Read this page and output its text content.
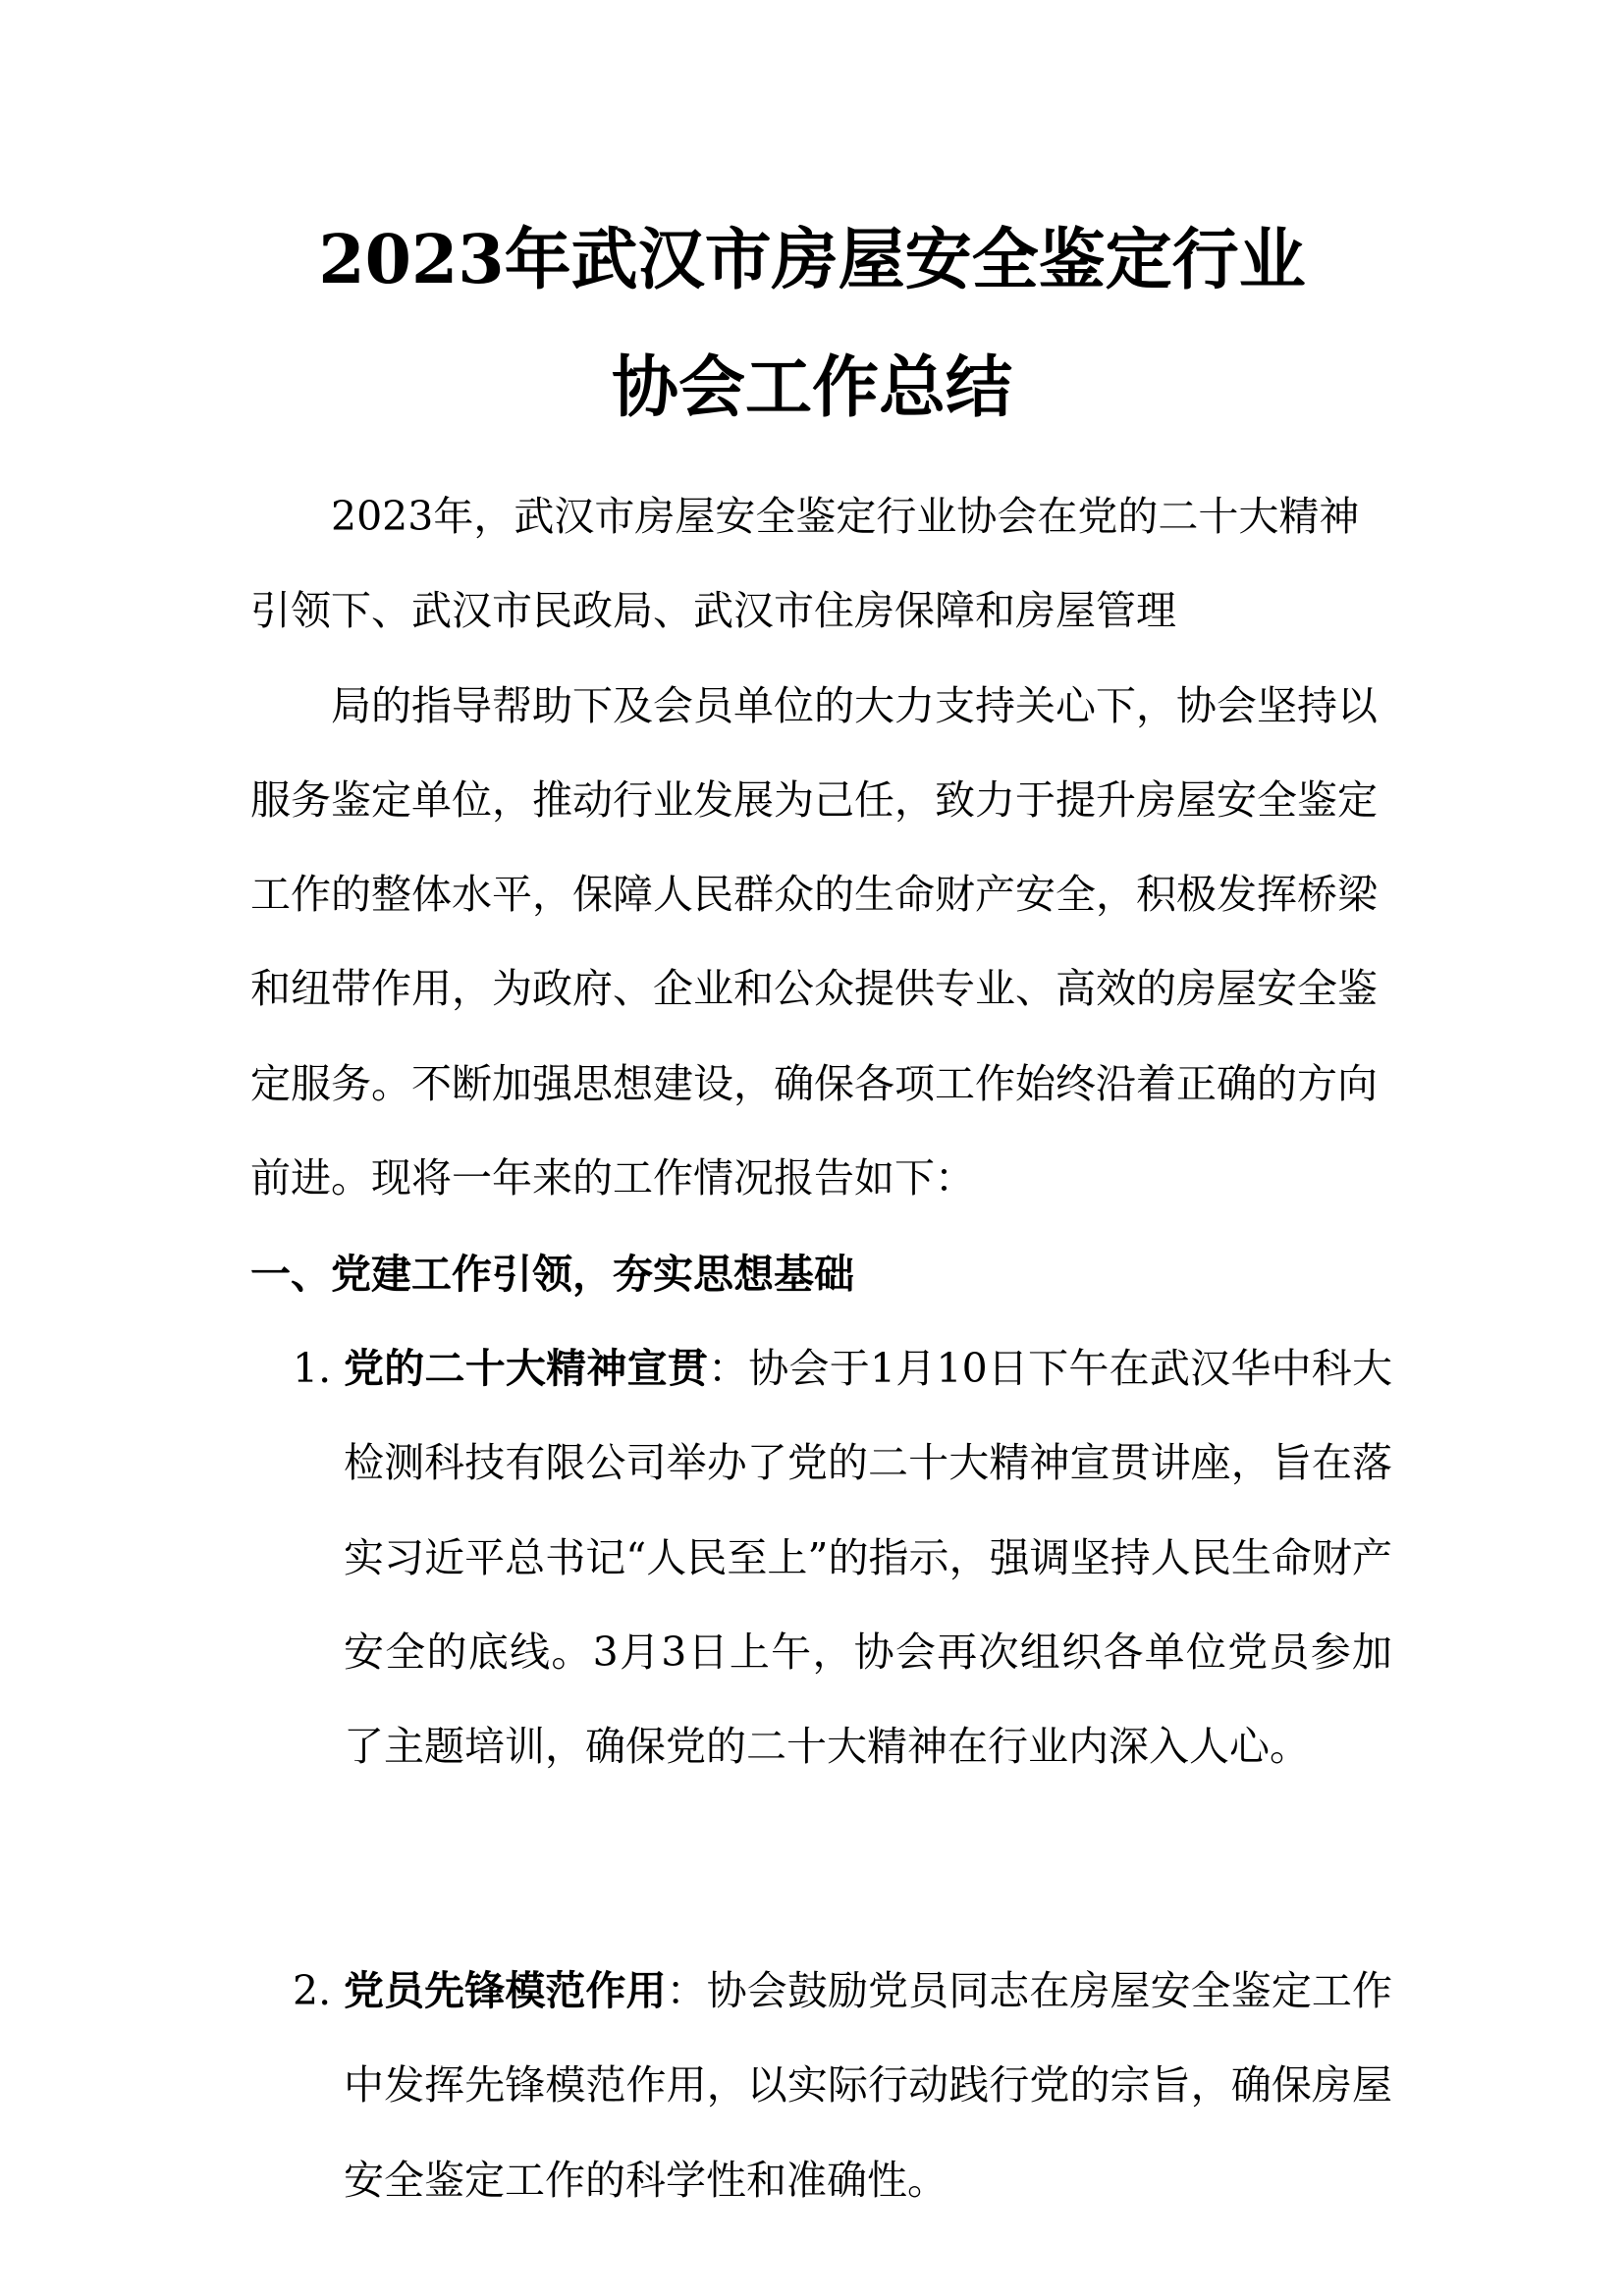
2023年武汉市房屋安全鉴定行业
协会工作总结

2023年，武汉市房屋安全鉴定行业协会在党的二十大精神引领下、武汉市民政局、武汉市住房保障和房屋管理

局的指导帮助下及会员单位的大力支持关心下，协会坚持以服务鉴定单位，推动行业发展为己任，致力于提升房屋安全鉴定工作的整体水平，保障人民群众的生命财产安全，积极发挥桥梁和纽带作用，为政府、企业和公众提供专业、高效的房屋安全鉴定服务。不断加强思想建设，确保各项工作始终沿着正确的方向前进。现将一年来的工作情况报告如下：

一、党建工作引领，夯实思想基础
1. 党的二十大精神宣贯：协会于1月10日下午在武汉华中科大检测科技有限公司举办了党的二十大精神宣贯讲座，旨在落实习近平总书记“人民至上”的指示，强调坚持人民生命财产安全的底线。3月3日上午，协会再次组织各单位党员参加了主题培训，确保党的二十大精神在行业内深入人心。
2. 党员先锋模范作用：协会鼓励党员同志在房屋安全鉴定工作中发挥先锋模范作用，以实际行动践行党的宗旨，确保房屋安全鉴定工作的科学性和准确性。
